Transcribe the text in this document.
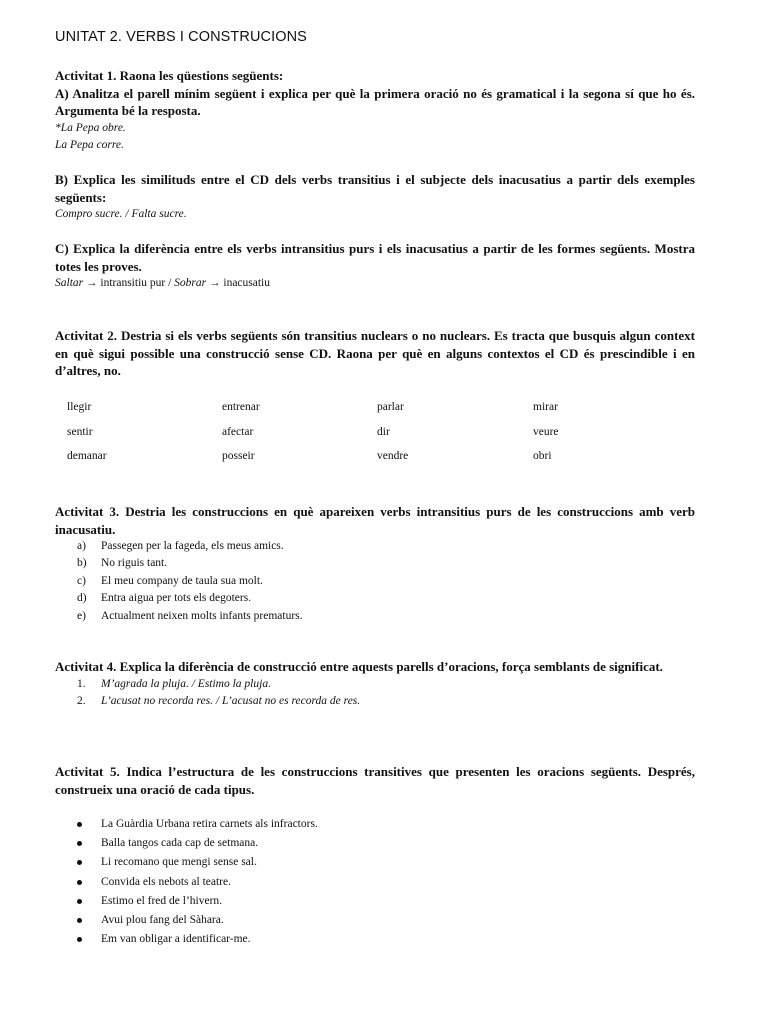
UNITAT 2. VERBS I CONSTRUCIONS
Activitat 1. Raona les qüestions següents:
A) Analitza el parell mínim següent i explica per què la primera oració no és gramatical i la segona sí que ho és. Argumenta bé la resposta.
*La Pepa obre.
La Pepa corre.
B) Explica les similituds entre el CD dels verbs transitius i el subjecte dels inacusatius a partir dels exemples següents:
Compro sucre. / Falta sucre.
C) Explica la diferència entre els verbs intransitius purs i els inacusatius a partir de les formes següents. Mostra totes les proves.
Saltar → intransitiu pur / Sobrar → inacusatiu
Activitat 2. Destria si els verbs següents són transitius nuclears o no nuclears. Es tracta que busquis algun context en què sigui possible una construcció sense CD. Raona per què en alguns contextos el CD és prescindible i en d’altres, no.
llegir	entrenar	parlar	mirar
sentir	afectar	dir	veure
demanar	posseir	vendre	obri
Activitat 3. Destria les construccions en què apareixen verbs intransitius purs de les construccions amb verb inacusatiu.
a) Passegen per la fageda, els meus amics.
b) No riguis tant.
c) El meu company de taula sua molt.
d) Entra aigua per tots els degoters.
e) Actualment neixen molts infants prematurs.
Activitat 4. Explica la diferència de construcció entre aquests parells d’oracions, força semblants de significat.
1. M’agrada la pluja. / Estimo la pluja.
2. L’acusat no recorda res. / L’acusat no es recorda de res.
Activitat 5. Indica l’estructura de les construccions transitives que presenten les oracions següents. Després, construeix una oració de cada tipus.
La Guàrdia Urbana retira carnets als infractors.
Balla tangos cada cap de setmana.
Li recomano que mengi sense sal.
Convida els nebots al teatre.
Estimo el fred de l’hivern.
Avui plou fang del Sàhara.
Em van obligar a identificar-me.
